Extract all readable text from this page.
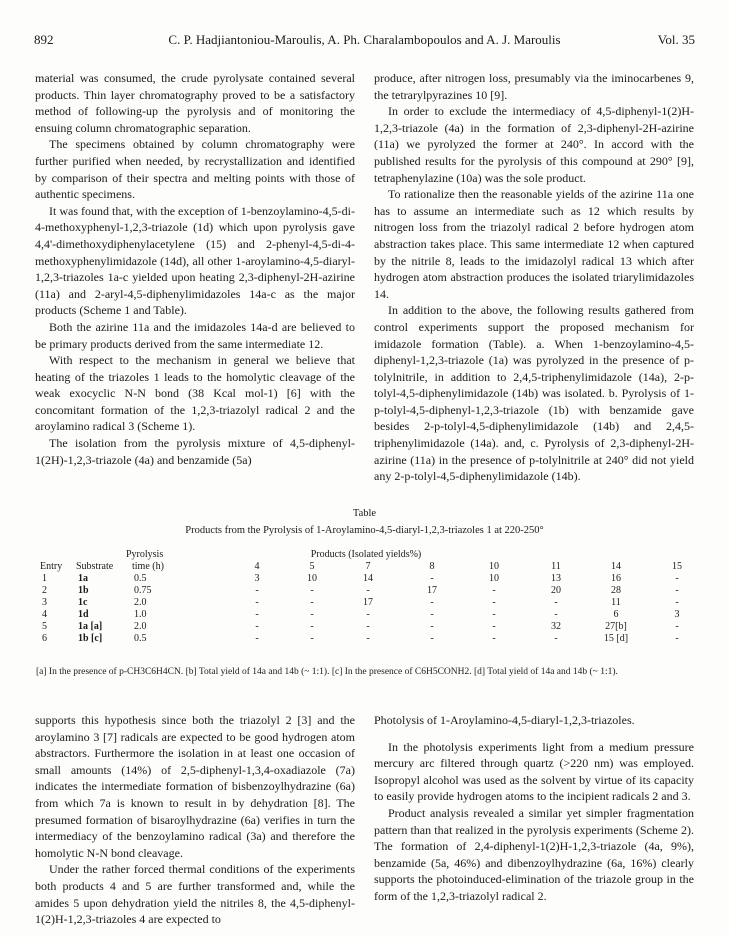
892	C. P. Hadjiantoniou-Maroulis, A. Ph. Charalambopoulos and A. J. Maroulis	Vol. 35

material was consumed, the crude pyrolysate contained several products. Thin layer chromatography proved to be a satisfactory method of following-up the pyrolysis and of monitoring the ensuing column chromatographic separation.

The specimens obtained by column chromatography were further purified when needed, by recrystallization and identified by comparison of their spectra and melting points with those of authentic specimens.

It was found that, with the exception of 1-benzoylamino-4,5-di-4-methoxyphenyl-1,2,3-triazole (1d) which upon pyrolysis gave 4,4'-dimethoxydiphenylacetylene (15) and 2-phenyl-4,5-di-4-methoxyphenylimidazole (14d), all other 1-aroylamino-4,5-diaryl-1,2,3-triazoles 1a-c yielded upon heating 2,3-diphenyl-2H-azirine (11a) and 2-aryl-4,5-diphenylimidazoles 14a-c as the major products (Scheme 1 and Table).

Both the azirine 11a and the imidazoles 14a-d are believed to be primary products derived from the same intermediate 12.

With respect to the mechanism in general we believe that heating of the triazoles 1 leads to the homolytic cleavage of the weak exocyclic N-N bond (38 Kcal mol-1) [6] with the concomitant formation of the 1,2,3-triazolyl radical 2 and the aroylamino radical 3 (Scheme 1).

The isolation from the pyrolysis mixture of 4,5-diphenyl-1(2H)-1,2,3-triazole (4a) and benzamide (5a)

produce, after nitrogen loss, presumably via the iminocarbenes 9, the tetrarylpyrazines 10 [9].

In order to exclude the intermediacy of 4,5-diphenyl-1(2)H-1,2,3-triazole (4a) in the formation of 2,3-diphenyl-2H-azirine (11a) we pyrolyzed the former at 240°. In accord with the published results for the pyrolysis of this compound at 290° [9], tetraphenylazine (10a) was the sole product.

To rationalize then the reasonable yields of the azirine 11a one has to assume an intermediate such as 12 which results by nitrogen loss from the triazolyl radical 2 before hydrogen atom abstraction takes place. This same intermediate 12 when captured by the nitrile 8, leads to the imidazolyl radical 13 which after hydrogen atom abstraction produces the isolated triarylimidazoles 14.

In addition to the above, the following results gathered from control experiments support the proposed mechanism for imidazole formation (Table). a. When 1-benzoylamino-4,5-diphenyl-1,2,3-triazole (1a) was pyrolyzed in the presence of p-tolylnitrile, in addition to 2,4,5-triphenylimidazole (14a), 2-p-tolyl-4,5-diphenylimidazole (14b) was isolated. b. Pyrolysis of 1-p-tolyl-4,5-diphenyl-1,2,3-triazole (1b) with benzamide gave besides 2-p-tolyl-4,5-diphenylimidazole (14b) and 2,4,5-triphenylimidazole (14a). and, c. Pyrolysis of 2,3-diphenyl-2H-azirine (11a) in the presence of p-tolylnitrile at 240° did not yield any 2-p-tolyl-4,5-diphenylimidazole (14b).

Table
Products from the Pyrolysis of 1-Aroylamino-4,5-diaryl-1,2,3-triazoles 1 at 220-250°
Pyrolysis	Products (Isolated yields%)
Entry Substrate time (h)	4	5	7	8	10	11	14	15
1	1a	0.5	3	10	14	-	10	13	16	-
2	1b	0.75	-	-	-	17	-	20	28	-
3	1c	2.0	-	-	17	-	-	-	11	-
4	1d	1.0	-	-	-	-	-	-	6	3
5	1a [a]	2.0	-	-	-	-	-	32	27[b]	-
6	1b [c]	0.5	-	-	-	-	-	-	15 [d]	-
[a] In the presence of p-CH3C6H4CN. [b] Total yield of 14a and 14b (~ 1:1). [c] In the presence of C6H5CONH2. [d] Total yield of 14a and 14b (~ 1:1).

supports this hypothesis since both the triazolyl 2 [3] and the aroylamino 3 [7] radicals are expected to be good hydrogen atom abstractors. Furthermore the isolation in at least one occasion of small amounts (14%) of 2,5-diphenyl-1,3,4-oxadiazole (7a) indicates the intermediate formation of bisbenzoylhydrazine (6a) from which 7a is known to result in by dehydration [8]. The presumed formation of bisaroylhydrazine (6a) verifies in turn the intermediacy of the benzoylamino radical (3a) and therefore the homolytic N-N bond cleavage.

Under the rather forced thermal conditions of the experiments both products 4 and 5 are further transformed and, while the amides 5 upon dehydration yield the nitriles 8, the 4,5-diphenyl-1(2)H-1,2,3-triazoles 4 are expected to

Photolysis of 1-Aroylamino-4,5-diaryl-1,2,3-triazoles.

In the photolysis experiments light from a medium pressure mercury arc filtered through quartz (>220 nm) was employed. Isopropyl alcohol was used as the solvent by virtue of its capacity to easily provide hydrogen atoms to the incipient radicals 2 and 3.

Product analysis revealed a similar yet simpler fragmentation pattern than that realized in the pyrolysis experiments (Scheme 2). The formation of 2,4-diphenyl-1(2)H-1,2,3-triazole (4a, 9%), benzamide (5a, 46%) and dibenzoylhydrazine (6a, 16%) clearly supports the photoinduced-elimination of the triazole group in the form of the 1,2,3-triazolyl radical 2.
